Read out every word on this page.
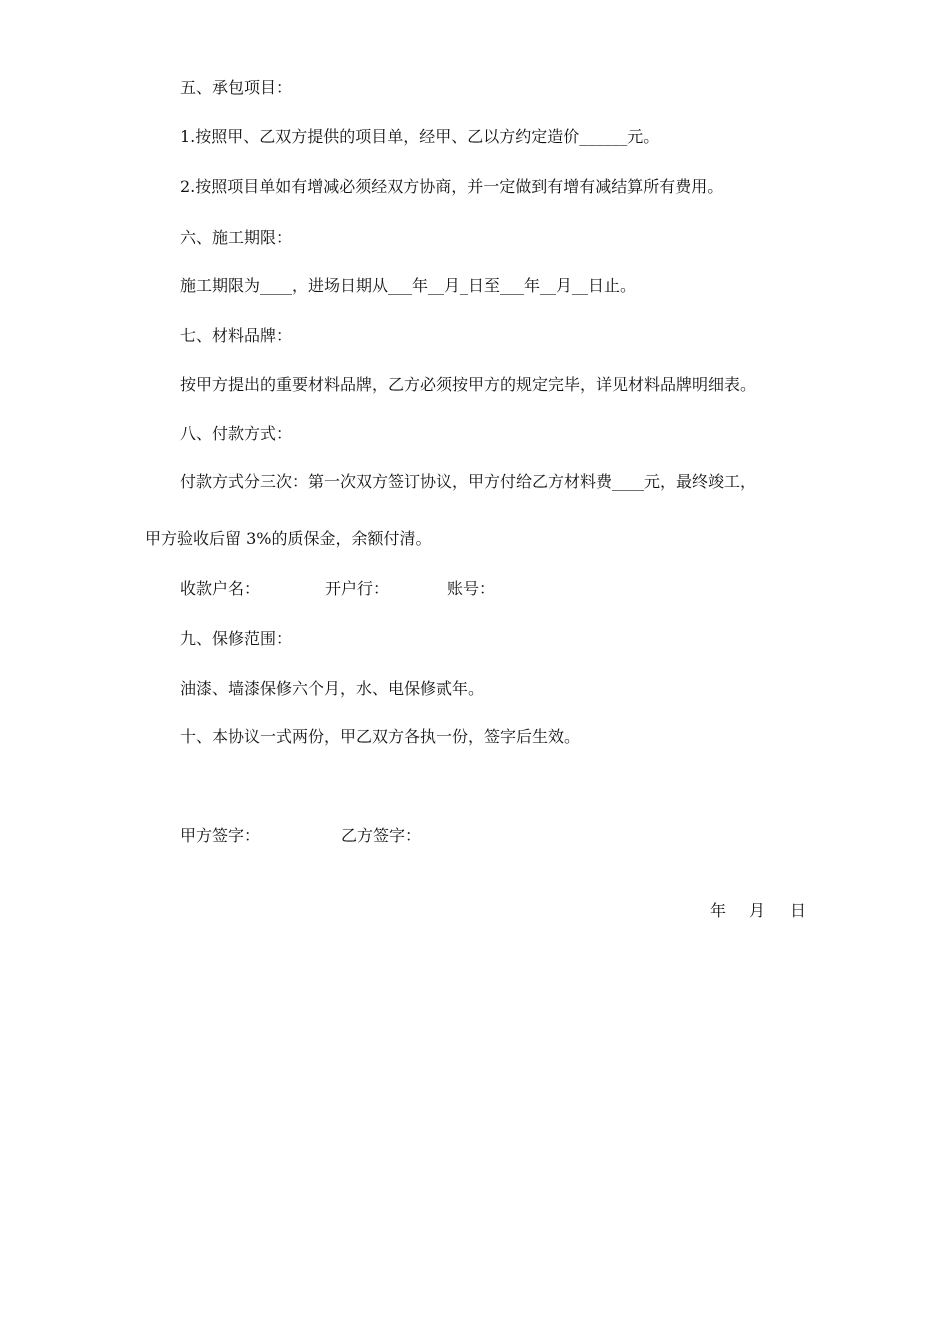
五、承包项目：
1.按照甲、乙双方提供的项目单，经甲、乙以方约定造价______元。
2.按照项目单如有增减必须经双方协商，并一定做到有增有减结算所有费用。
六、施工期限：
施工期限为____，进场日期从___年__月_日至___年__月__日止。
七、材料品牌：
按甲方提出的重要材料品牌，乙方必须按甲方的规定完毕，详见材料品牌明细表。
八、付款方式：
付款方式分三次：第一次双方签订协议，甲方付给乙方材料费____元，最终竣工，
甲方验收后留 3%的质保金，余额付清。
收款户名：	开户行：	账号：
九、保修范围：
油漆、墙漆保修六个月，水、电保修贰年。
十、本协议一式两份，甲乙双方各执一份，签字后生效。
甲方签字：	乙方签字：
年 月 日
